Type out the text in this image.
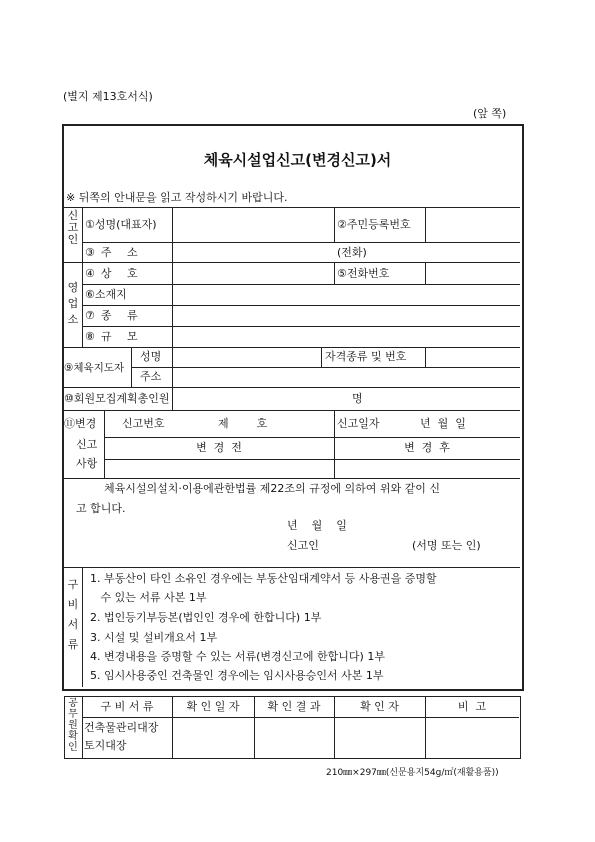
(별지 제13호서식)
(앞 쪽)
체육시설업신고(변경신고)서
※ 뒤쪽의 안내문을 읽고 작성하시기 바랍니다.
신고인
①성명(대표자)	②주민등록번호
③주 소	(전화)
영업소
④상 호	⑤전화번호
⑥소재지
⑦종 류
⑧규 모
⑨체육지도자
성명	자격종류 및 번호
주소
⑩회원모집계획총인원	명
⑪변경
신고
사항
신고번호	제        호	신고일자	년  월  일
변  경  전	변  경  후
체육시설의설치·이용에관한법률 제22조의 규정에 의하여 위와 같이 신
고 합니다.
년    월    일
신고인	(서명 또는 인)
구비서류
1. 부동산이 타인 소유인 경우에는 부동산임대계약서 등 사용권을 증명할
수 있는 서류 사본 1부
2. 법인등기부등본(법인인 경우에 한합니다) 1부
3. 시설 및 설비개요서 1부
4. 변경내용을 증명할 수 있는 서류(변경신고에 한합니다) 1부
5. 임시사용중인 건축물인 경우에는 임시사용승인서 사본 1부
공무원확인
구 비 서 류	확 인 일 자	확 인 결 과	확 인 자	비  고
건축물관리대장
토지대장
210㎜×297㎜(신문용지54g/㎡(재활용품))
